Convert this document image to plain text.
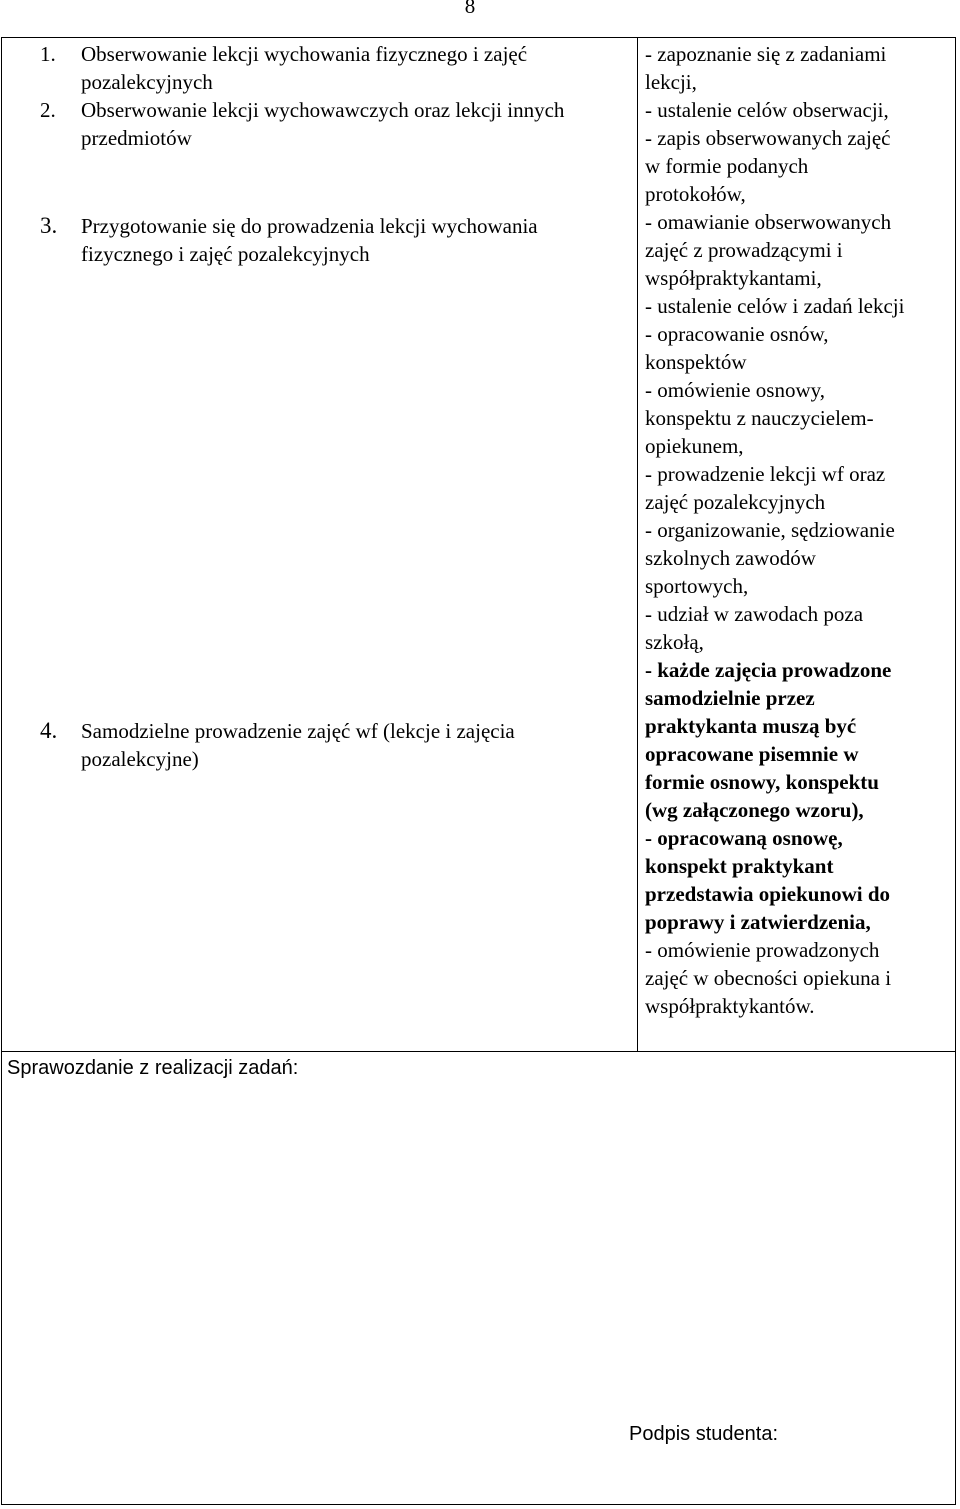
8
1.	Obserwowanie lekcji wychowania fizycznego i zajęć pozalekcyjnych
2.	Obserwowanie lekcji wychowawczych oraz lekcji innych przedmiotów
3.	Przygotowanie się do prowadzenia lekcji wychowania fizycznego i zajęć pozalekcyjnych
4.	Samodzielne prowadzenie zajęć wf (lekcje i zajęcia pozalekcyjne)
- zapoznanie się z zadaniami
lekcji,
- ustalenie celów obserwacji,
- zapis obserwowanych zajęć
w formie podanych
protokołów,
- omawianie obserwowanych
zajęć z prowadzącymi i
współpraktykantami,
- ustalenie celów i zadań lekcji
- opracowanie osnów,
konspektów
- omówienie osnowy,
konspektu z nauczycielem-
opiekunem,
- prowadzenie lekcji wf oraz
zajęć pozalekcyjnych
- organizowanie, sędziowanie
szkolnych zawodów
sportowych,
- udział w zawodach poza
szkołą,
- każde zajęcia prowadzone
samodzielnie przez
praktykanta muszą być
opracowane pisemnie w
formie osnowy, konspektu
(wg załączonego wzoru),
- opracowaną osnowę,
konspekt praktykant
przedstawia opiekunowi do
poprawy i zatwierdzenia,
- omówienie prowadzonych
zajęć w obecności opiekuna i
współpraktykantów.
Sprawozdanie z realizacji zadań:
Podpis studenta:
